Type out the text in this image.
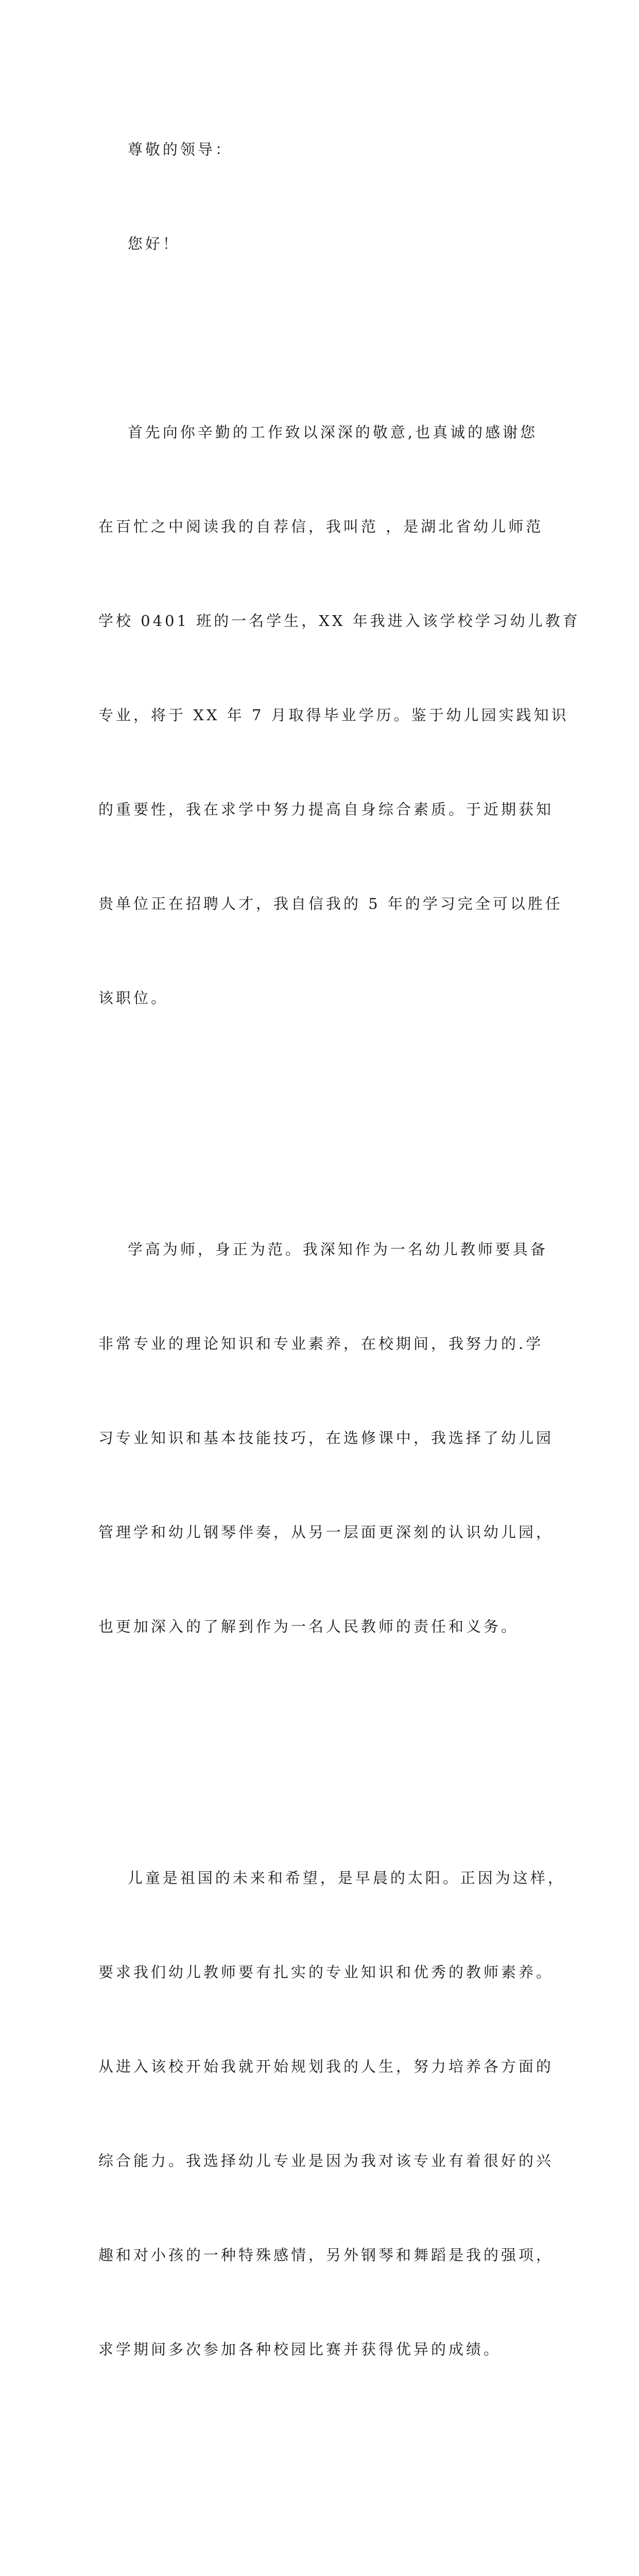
尊敬的领导：

您好！

首先向你辛勤的工作致以深深的敬意,也真诚的感谢您

在百忙之中阅读我的自荐信，我叫范 ，是湖北省幼儿师范

学校 0401 班的一名学生，XX 年我进入该学校学习幼儿教育

专业，将于 XX 年 7 月取得毕业学历。鉴于幼儿园实践知识

的重要性，我在求学中努力提高自身综合素质。于近期获知

贵单位正在招聘人才，我自信我的 5 年的学习完全可以胜任

该职位。

学高为师，身正为范。我深知作为一名幼儿教师要具备

非常专业的理论知识和专业素养，在校期间，我努力的.学

习专业知识和基本技能技巧，在选修课中，我选择了幼儿园

管理学和幼儿钢琴伴奏，从另一层面更深刻的认识幼儿园，

也更加深入的了解到作为一名人民教师的责任和义务。

儿童是祖国的未来和希望，是早晨的太阳。正因为这样，

要求我们幼儿教师要有扎实的专业知识和优秀的教师素养。

从进入该校开始我就开始规划我的人生，努力培养各方面的

综合能力。我选择幼儿专业是因为我对该专业有着很好的兴

趣和对小孩的一种特殊感情，另外钢琴和舞蹈是我的强项，

求学期间多次参加各种校园比赛并获得优异的成绩。
